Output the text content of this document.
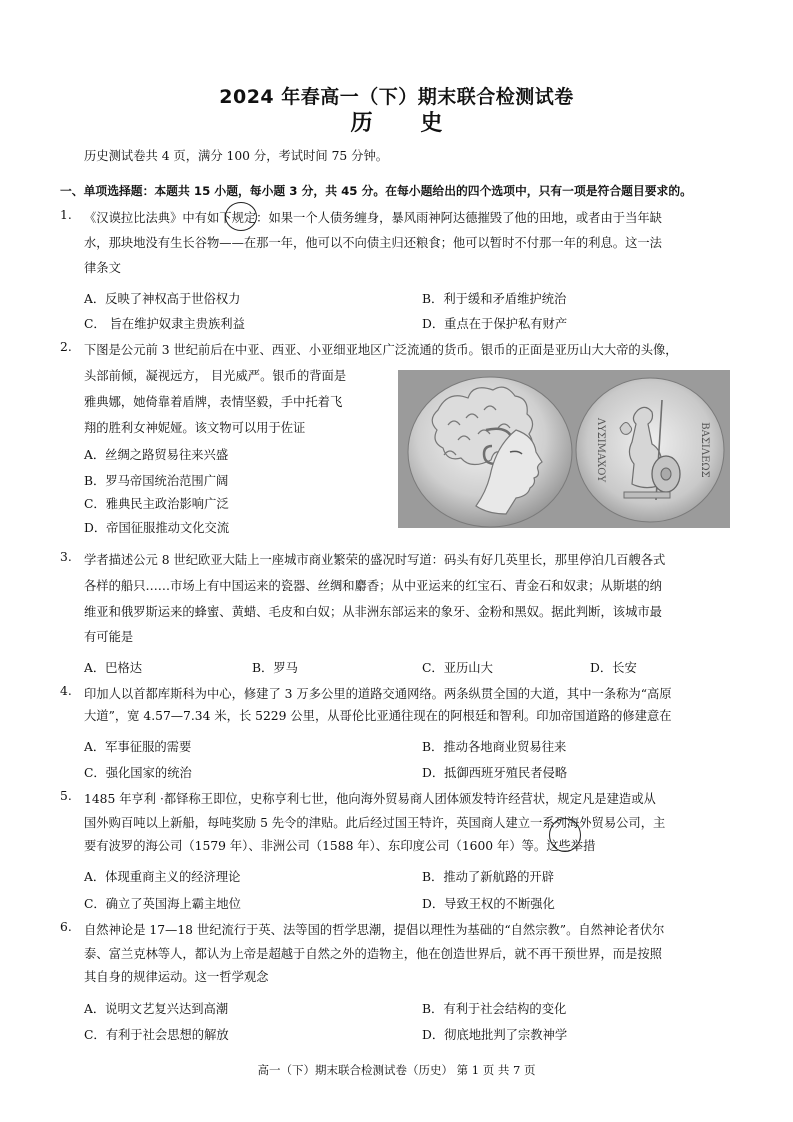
2024 年春高一（下）期末联合检测试卷
历 史
历史测试卷共 4 页，满分 100 分，考试时间 75 分钟。
一、单项选择题：本题共 15 小题，每小题 3 分，共 45 分。在每小题给出的四个选项中，只有一项是符合题目要求的。
1. 《汉谟拉比法典》中有如下规定：如果一个人债务缠身，暴风雨神阿达德摧毁了他的田地，或者由于当年缺
水，那块地没有生长谷物——在那一年，他可以不向债主归还粮食；他可以暂时不付那一年的利息。这一法
律条文
A．反映了神权高于世俗权力	B．利于缓和矛盾维护统治
C． 旨在维护奴隶主贵族利益	D．重点在于保护私有财产
2. 下图是公元前 3 世纪前后在中亚、西亚、小亚细亚地区广泛流通的货币。银币的正面是亚历山大大帝的头像，
头部前倾，凝视远方， 目光威严。银币的背面是
雅典娜，她倚靠着盾牌，表情坚毅，手中托着飞
翔的胜利女神妮娅。该文物可以用于佐证
A．丝绸之路贸易往来兴盛
B．罗马帝国统治范围广阔
C．雅典民主政治影响广泛
D．帝国征服推动文化交流
ΛΥΣΙΜΑΧΟΥ	ΒΑΣΙΛΕΩΣ
3. 学者描述公元 8 世纪欧亚大陆上一座城市商业繁荣的盛况时写道：码头有好几英里长，那里停泊几百艘各式
各样的船只……市场上有中国运来的瓷器、丝绸和麝香；从中亚运来的红宝石、青金石和奴隶；从斯堪的纳
维亚和俄罗斯运来的蜂蜜、黄蜡、毛皮和白奴；从非洲东部运来的象牙、金粉和黑奴。据此判断，该城市最
有可能是
A．巴格达	B．罗马	C．亚历山大	D．长安
4. 印加人以首都库斯科为中心，修建了 3 万多公里的道路交通网络。两条纵贯全国的大道，其中一条称为“高原
大道”，宽 4.57—7.34 米，长 5229 公里，从哥伦比亚通往现在的阿根廷和智利。印加帝国道路的修建意在
A．军事征服的需要	B．推动各地商业贸易往来
C．强化国家的统治	D．抵御西班牙殖民者侵略
5. 1485 年亨利 ·都铎称王即位，史称亨利七世，他向海外贸易商人团体颁发特许经营状，规定凡是建造或从
国外购百吨以上新船，每吨奖励 5 先令的津贴。此后经过国王特许，英国商人建立一系列海外贸易公司，主
要有波罗的海公司（1579 年）、非洲公司（1588 年）、东印度公司（1600 年）等。这些举措
A．体现重商主义的经济理论	B．推动了新航路的开辟
C．确立了英国海上霸主地位	D．导致王权的不断强化
6. 自然神论是 17—18 世纪流行于英、法等国的哲学思潮，提倡以理性为基础的“自然宗教”。自然神论者伏尔
泰、富兰克林等人，都认为上帝是超越于自然之外的造物主，他在创造世界后，就不再干预世界，而是按照
其自身的规律运动。这一哲学观念
A．说明文艺复兴达到高潮	B．有利于社会结构的变化
C．有利于社会思想的解放	D．彻底地批判了宗教神学
高一（下）期末联合检测试卷（历史） 第 1 页 共 7 页
